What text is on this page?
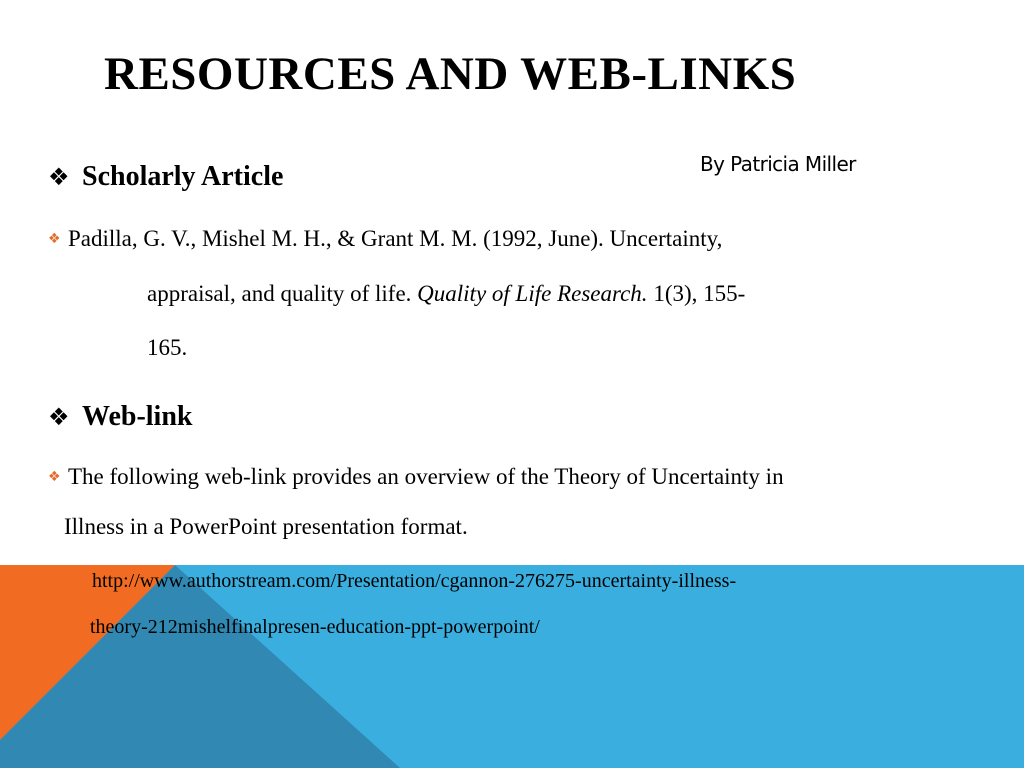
RESOURCES AND WEB-LINKS
By Patricia Miller
❖ Scholarly Article
❖ Padilla, G. V., Mishel M. H., & Grant M. M. (1992, June). Uncertainty,
appraisal, and quality of life. Quality of Life Research. 1(3), 155-
165.
❖ Web-link
❖ The following web-link provides an overview of the Theory of Uncertainty in
Illness in a PowerPoint presentation format.
http://www.authorstream.com/Presentation/cgannon-276275-uncertainty-illness-
theory-212mishelfinalpresen-education-ppt-powerpoint/
